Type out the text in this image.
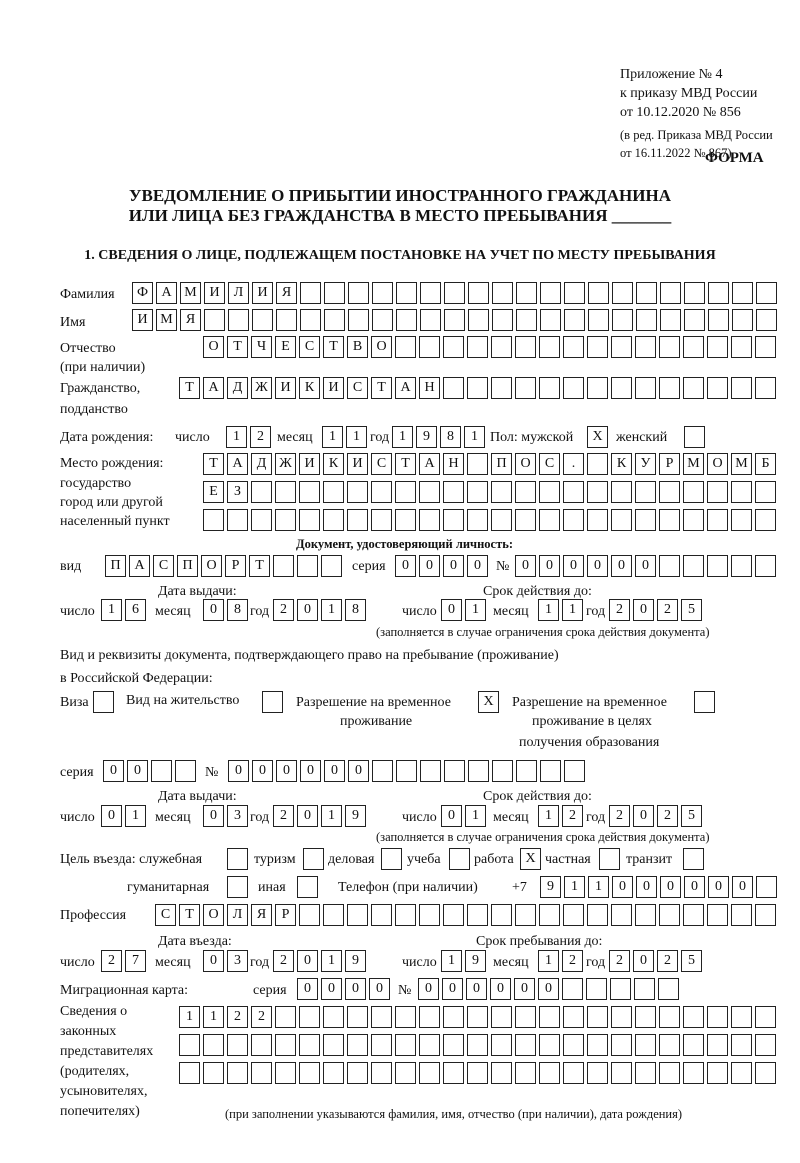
Приложение № 4
к приказу МВД России
от 10.12.2020 № 856
(в ред. Приказа МВД России
от 16.11.2022 № 867)
ФОРМА
УВЕДОМЛЕНИЕ О ПРИБЫТИИ ИНОСТРАННОГО ГРАЖДАНИНА
ИЛИ ЛИЦА БЕЗ ГРАЖДАНСТВА В МЕСТО ПРЕБЫВАНИЯ _______
1. СВЕДЕНИЯ О ЛИЦЕ, ПОДЛЕЖАЩЕМ ПОСТАНОВКЕ НА УЧЕТ ПО МЕСТУ ПРЕБЫВАНИЯ
Фамилия	Ф А М И	Л	И	Я
Имя	И М Я
Отчество
(при наличии)
О	Т	Ч	Е	С	Т	В	О
Гражданство,
подданство
Т	А	Д Ж И	К	И	С	Т	А Н
Дата рождения: число	1	2 месяц	1	1 год 1	9	8	1 Пол: мужской	X женский
Место рождения:
государство
город или другой
населенный пункт
Т	А	Д Ж И	К	И	С	Т	А Н	П О	С	.	К	У	Р М О М Б
Е	З
Документ, удостоверяющий личность:
вид	П А	С	П О	Р	Т	серия	0	0	0	0	№ 0	0	0	0	0	0
Дата выдачи:	Срок действия до:
число 1	6	месяц	0	8 год 2	0	1	8	число 0	1	месяц	1	1 год 2	0	2	5
(заполняется в случае ограничения срока действия документа)
Вид и реквизиты документа, подтверждающего право на пребывание (проживание)
в Российской Федерации:
Виза	Вид на жительство	Разрешение на временное
проживание
X	Разрешение на временное
проживание в целях
получения образования
серия	0	0	№	0	0	0	0	0	0
Дата выдачи:	Срок действия до:
число 0	1	месяц	0	3 год 2	0	1	9	число 0	1	месяц	1	2 год 2	0	2	5
(заполняется в случае ограничения срока действия документа)
Цель въезда: служебная	туризм деловая учеба работа X частная	транзит
гуманитарная	иная	Телефон (при наличии) +7	9	1	1	0	0	0	0	0	0
Профессия	С	Т	О	Л	Я	Р
Дата въезда:	Срок пребывания до:
число 2	7	месяц	0	3 год 2	0	1	9	число 1	9	месяц	1	2 год 2	0	2	5
Миграционная карта:	серия	0	0	0	0	№ 0	0	0	0	0	0
Сведения о
законных
представителях
(родителях,
усыновителях,
попечителях)
1	1	2	2
(при заполнении указываются фамилия, имя, отчество (при наличии), дата рождения)
